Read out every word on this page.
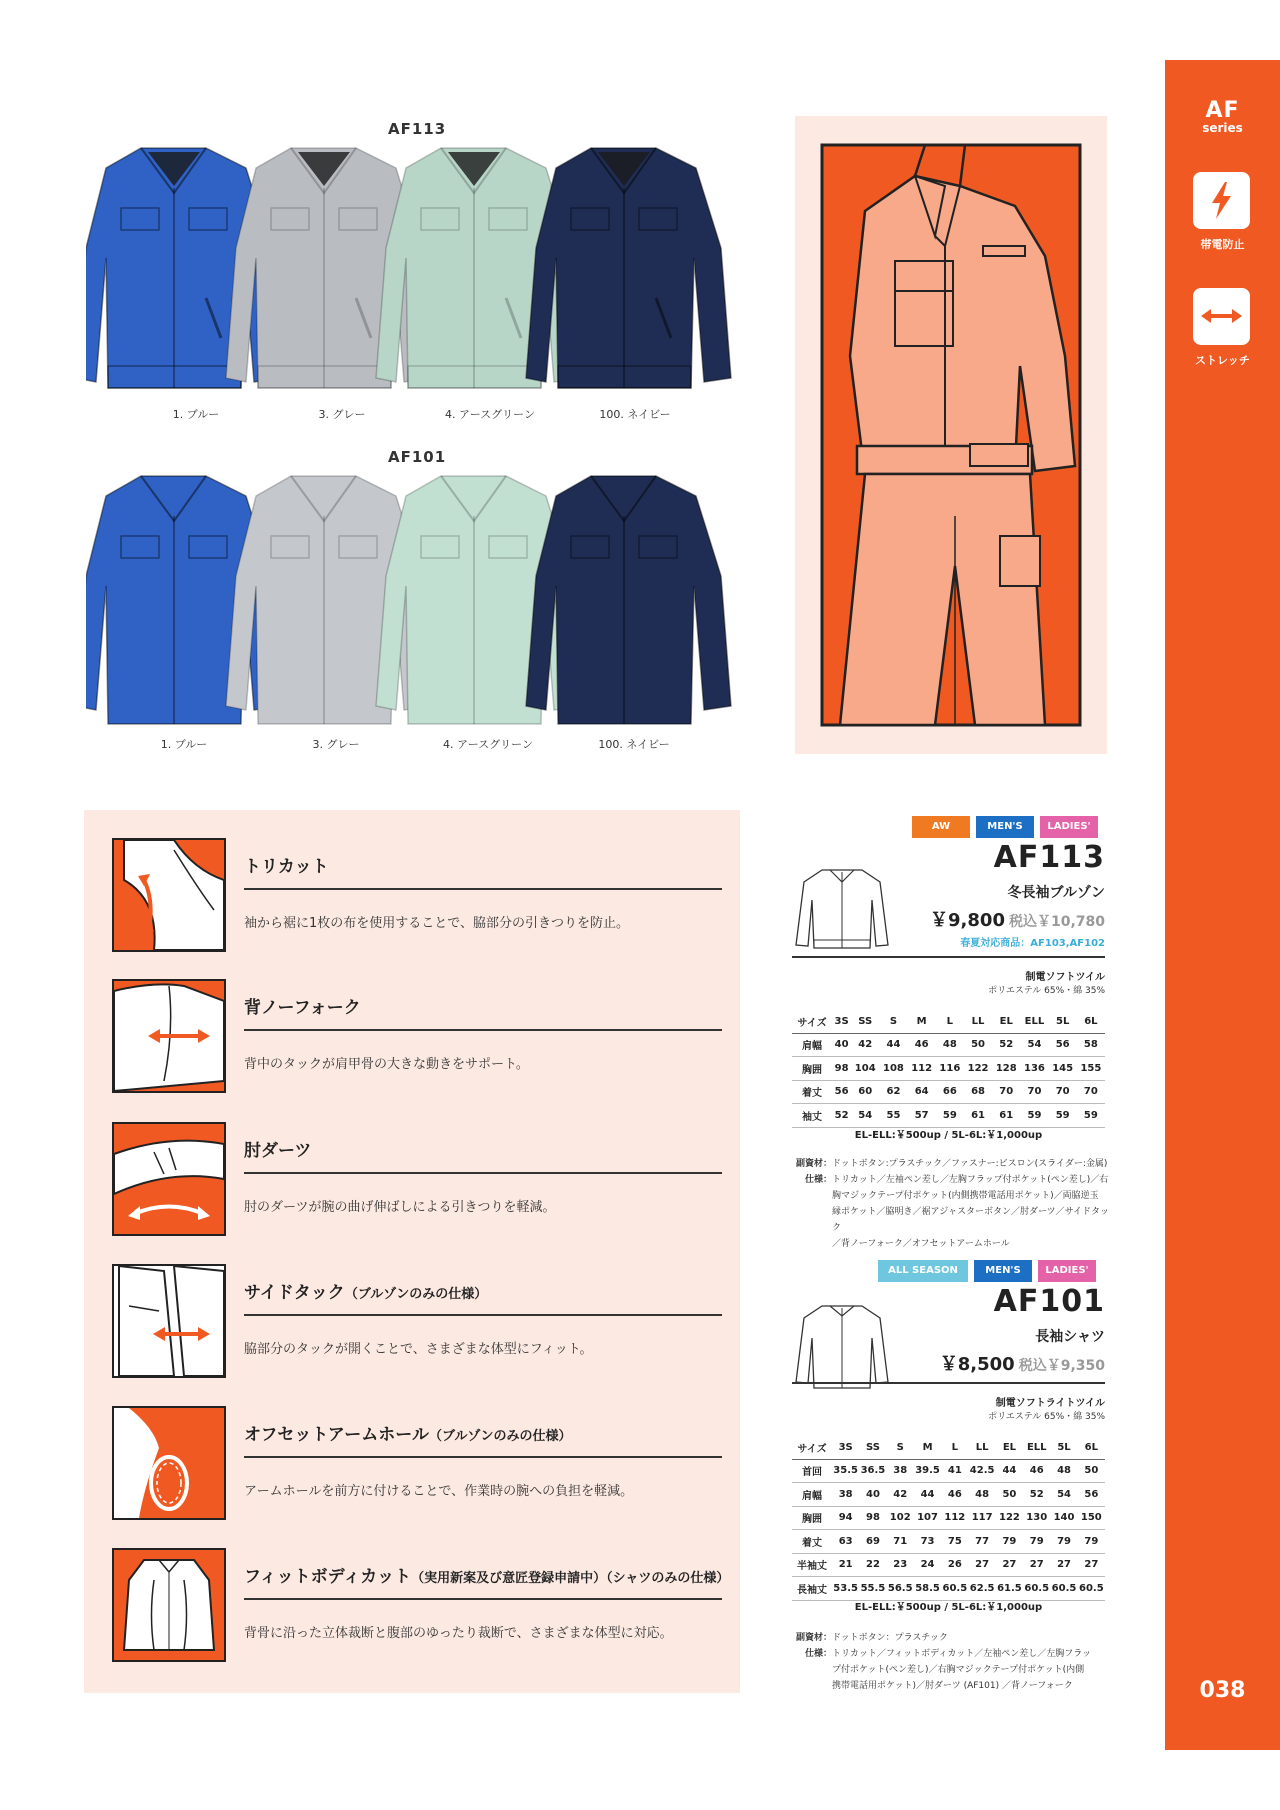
AF
series
帯電防止
ストレッチ
038
AF113
1. ブルー	3. グレー	4. アースグリーン	100. ネイビー
AF101
1. ブルー	3. グレー	4. アースグリーン	100. ネイビー
トリカット
袖から裾に1枚の布を使用することで、脇部分の引きつりを防止。
背ノーフォーク
背中のタックが肩甲骨の大きな動きをサポート。
肘ダーツ
肘のダーツが腕の曲げ伸ばしによる引きつりを軽減。
サイドタック（ブルゾンのみの仕様）
脇部分のタックが開くことで、さまざまな体型にフィット。
オフセットアームホール（ブルゾンのみの仕様）
アームホールを前方に付けることで、作業時の腕への負担を軽減。
フィットボディカット（実用新案及び意匠登録申請中）（シャツのみの仕様）
背骨に沿った立体裁断と腹部のゆったり裁断で、さまざまな体型に対応。
AW	MEN'S LADIES'
AF113
冬長袖ブルゾン
￥9,800 税込￥10,780
春夏対応商品：AF103,AF102
制電ソフトツイル
ポリエステル 65%・綿 35%
サイズ	3S	SS	S	M	L	LL	EL	ELL	5L	6L
肩幅	40	42	44	46	48	50	52	54	56	58
胸囲	98	104	108	112	116	122	128	136	145	155
着丈	56	60	62	64	66	68	70	70	70	70
袖丈	52	54	55	57	59	61	61	59	59	59
EL-ELL:￥500up / 5L-6L:￥1,000up
副資材：ドットボタン:プラスチック／ファスナー:ビスロン(スライダー:金属)
仕様：トリカット／左袖ペン差し／左胸フラップ付ポケット(ペン差し)／右
胸マジックテープ付ポケット(内側携帯電話用ポケット)／両脇逆玉
縁ポケット／脇明き／裾アジャスターボタン／肘ダーツ／サイドタック
／背ノーフォーク／オフセットアームホール
ALL SEASON	MEN'S LADIES'
AF101
長袖シャツ
￥8,500 税込￥9,350
制電ソフトライトツイル
ポリエステル 65%・綿 35%
サイズ	3S	SS	S	M	L	LL	EL	ELL	5L	6L
首回	35.5	36.5	38	39.5	41	42.5	44	46	48	50
肩幅	38	40	42	44	46	48	50	52	54	56
胸囲	94	98	102	107	112	117	122	130	140	150
着丈	63	69	71	73	75	77	79	79	79	79
半袖丈	21	22	23	24	26	27	27	27	27	27
長袖丈	53.5	55.5	56.5	58.5	60.5	62.5	61.5	60.5	60.5	60.5
EL-ELL:￥500up / 5L-6L:￥1,000up
副資材：ドットボタン：プラスチック
仕様：トリカット／フィットボディカット／左袖ペン差し／左胸フラッ
プ付ポケット(ペン差し)／右胸マジックテープ付ポケット(内側
携帯電話用ポケット)／肘ダーツ (AF101) ／背ノーフォーク
